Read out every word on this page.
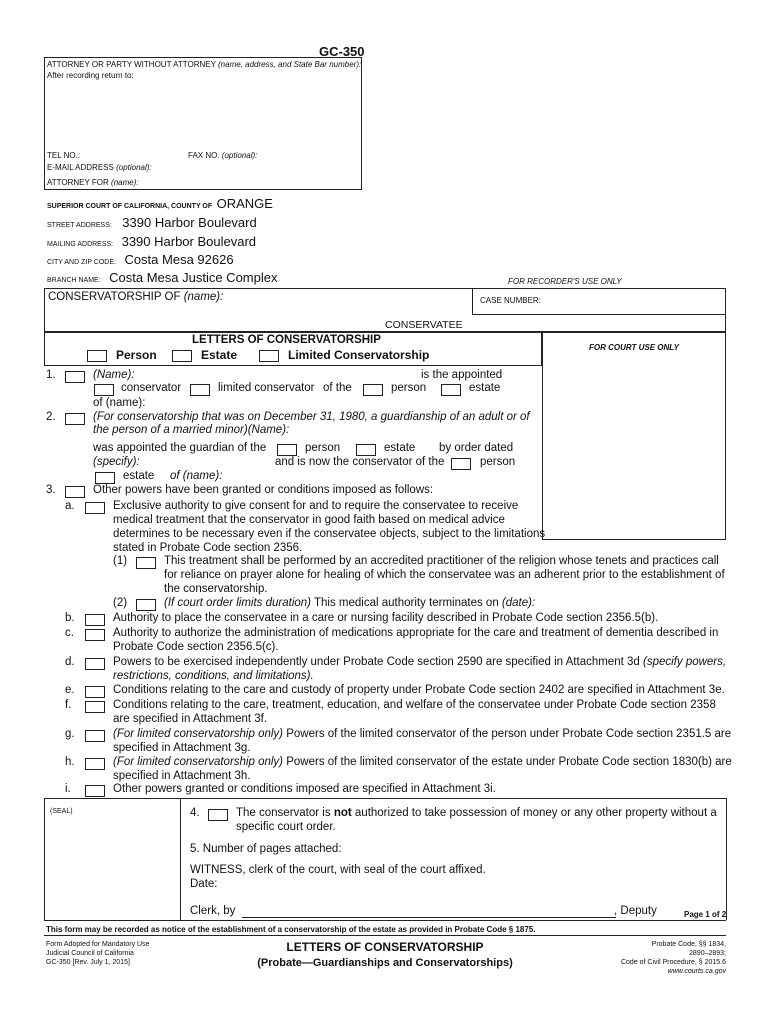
GC-350
ATTORNEY OR PARTY WITHOUT ATTORNEY (name, address, and State Bar number):
After recording return to:
TEL NO.:	FAX NO. (optional):
E-MAIL ADDRESS (optional):
ATTORNEY FOR (name):
SUPERIOR COURT OF CALIFORNIA, COUNTY OF ORANGE
STREET ADDRESS: 3390 Harbor Boulevard
MAILING ADDRESS: 3390 Harbor Boulevard
CITY AND ZIP CODE: Costa Mesa 92626
BRANCH NAME: Costa Mesa Justice Complex	FOR RECORDER'S USE ONLY
CONSERVATORSHIP OF (name):	CASE NUMBER:
CONSERVATEE
LETTERS OF CONSERVATORSHIP
Person	Estate	Limited Conservatorship
FOR COURT USE ONLY
1.	(Name):	is the appointed
conservator	limited conservator of the	person	estate
of (name):
2.	(For conservatorship that was on December 31, 1980, a guardianship of an adult or of
the person of a married minor)(Name):
was appointed the guardian of the	person	estate by order dated
(specify):	and is now the conservator of the	person
estate of (name):
3.	Other powers have been granted or conditions imposed as follows:
a.	Exclusive authority to give consent for and to require the conservatee to receive
medical treatment that the conservator in good faith based on medical advice
determines to be necessary even if the conservatee objects, subject to the limitations
stated in Probate Code section 2356.
(1)	This treatment shall be performed by an accredited practitioner of the religion whose tenets and practices call
for reliance on prayer alone for healing of which the conservatee was an adherent prior to the establishment of
the conservatorship.
(2)	(If court order limits duration) This medical authority terminates on (date):
b.	Authority to place the conservatee in a care or nursing facility described in Probate Code section 2356.5(b).
c.	Authority to authorize the administration of medications appropriate for the care and treatment of dementia described in
Probate Code section 2356.5(c).
d.	Powers to be exercised independently under Probate Code section 2590 are specified in Attachment 3d (specify powers,
restrictions, conditions, and limitations).
e.	Conditions relating to the care and custody of property under Probate Code section 2402 are specified in Attachment 3e.
f.	Conditions relating to the care, treatment, education, and welfare of the conservatee under Probate Code section 2358
are specified in Attachment 3f.
g.	(For limited conservatorship only) Powers of the limited conservator of the person under Probate Code section 2351.5 are
specified in Attachment 3g.
h.	(For limited conservatorship only) Powers of the limited conservator of the estate under Probate Code section 1830(b) are
specified in Attachment 3h.
i.	Other powers granted or conditions imposed are specified in Attachment 3i.
(SEAL)	4.	The conservator is not authorized to take possession of money or any other property without a
specific court order.
5. Number of pages attached:
WITNESS, clerk of the court, with seal of the court affixed.
Date:
Clerk, by	, Deputy	Page 1 of 2
This form may be recorded as notice of the establishment of a conservatorship of the estate as provided in Probate Code § 1875.
Form Adopted for Mandatory Use
Judicial Council of California
GC-350 [Rev. July 1, 2015]
LETTERS OF CONSERVATORSHIP
(Probate—Guardianships and Conservatorships)
Probate Code, §§ 1834,
2890–2893;
Code of Civil Procedure, § 2015.6
www.courts.ca.gov
